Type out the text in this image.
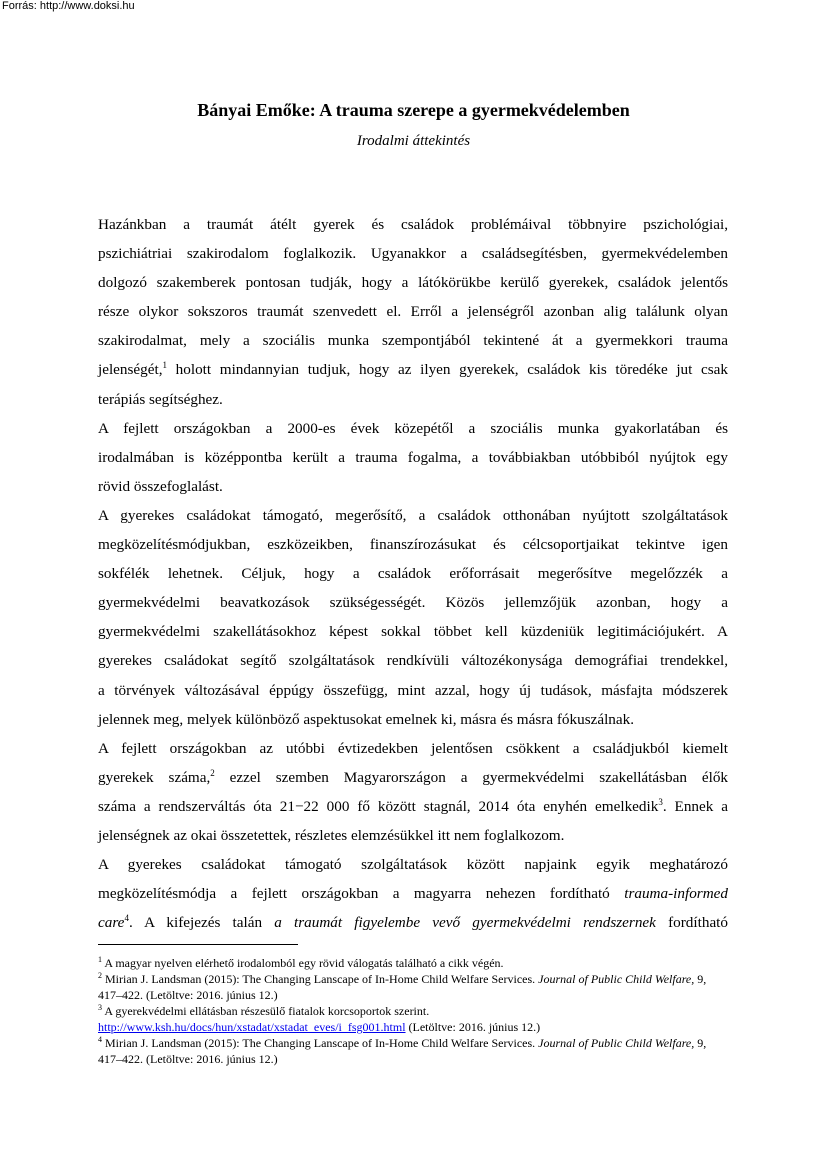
Forrás: http://www.doksi.hu
Bányai Emőke: A trauma szerepe a gyermekvédelemben
Irodalmi áttekintés

Hazánkban a traumát átélt gyerek és családok problémáival többnyire pszichológiai,
pszichiátriai szakirodalom foglalkozik. Ugyanakkor a családsegítésben, gyermekvédelemben
dolgozó szakemberek pontosan tudják, hogy a látókörükbe kerülő gyerekek, családok jelentős
része olykor sokszoros traumát szenvedett el. Erről a jelenségről azonban alig találunk olyan
szakirodalmat, mely a szociális munka szempontjából tekintené át a gyermekkori trauma
jelenségét,$^1$ holott mindannyian tudjuk, hogy az ilyen gyerekek, családok kis töredéke jut csak
terápiás segítséghez.

A fejlett országokban a 2000-es évek közepétől a szociális munka gyakorlatában és
irodalmában is középpontba került a trauma fogalma, a továbbiakban utóbbiból nyújtok egy
rövid összefoglalást.

A gyerekes családokat támogató, megerősítő, a családok otthonában nyújtott szolgáltatások
megközelítésmódjukban, eszközeikben, finanszírozásukat és célcsoportjaikat tekintve igen
sokfélék lehetnek. Céljuk, hogy a családok erőforrásait megerősítve megelőzzék a
gyermekvédelmi beavatkozások szükségességét. Közös jellemzőjük azonban, hogy a
gyermekvédelmi szakellátásokhoz képest sokkal többet kell küzdeniük legitimációjukért. A
gyerekes családokat segítő szolgáltatások rendkívüli változékonysága demográfiai trendekkel,
a törvények változásával éppúgy összefügg, mint azzal, hogy új tudások, másfajta módszerek
jelennek meg, melyek különböző aspektusokat emelnek ki, másra és másra fókuszálnak.

A fejlett országokban az utóbbi évtizedekben jelentősen csökkent a családjukból kiemelt
gyerekek száma,$^2$ ezzel szemben Magyarországon a gyermekvédelmi szakellátásban élők
száma a rendszerváltás óta 21−22 000 fő között stagnál, 2014 óta enyhén emelkedik$^3$. Ennek a
jelenségnek az okai összetettek, részletes elemzésükkel itt nem foglalkozom.

A gyerekes családokat támogató szolgáltatások között napjaink egyik meghatározó
megközelítésmódja a fejlett országokban a magyarra nehezen fordítható trauma-informed
care$^4$. A kifejezés talán a traumát figyelembe vevő gyermekvédelmi rendszernek fordítható

$^1$ A magyar nyelven elérhető irodalomból egy rövid válogatás található a cikk végén.
$^2$ Mirian J. Landsman (2015): The Changing Lanscape of In-Home Child Welfare Services. Journal of Public Child Welfare, 9, 417–422. (Letöltve: 2016. június 12.)
$^3$ A gyerekvédelmi ellátásban részesülő fiatalok korcsoportok szerint.
http://www.ksh.hu/docs/hun/xstadat/xstadat_eves/i_fsg001.html (Letöltve: 2016. június 12.)
$^4$ Mirian J. Landsman (2015): The Changing Lanscape of In-Home Child Welfare Services. Journal of Public Child Welfare, 9, 417–422. (Letöltve: 2016. június 12.)
